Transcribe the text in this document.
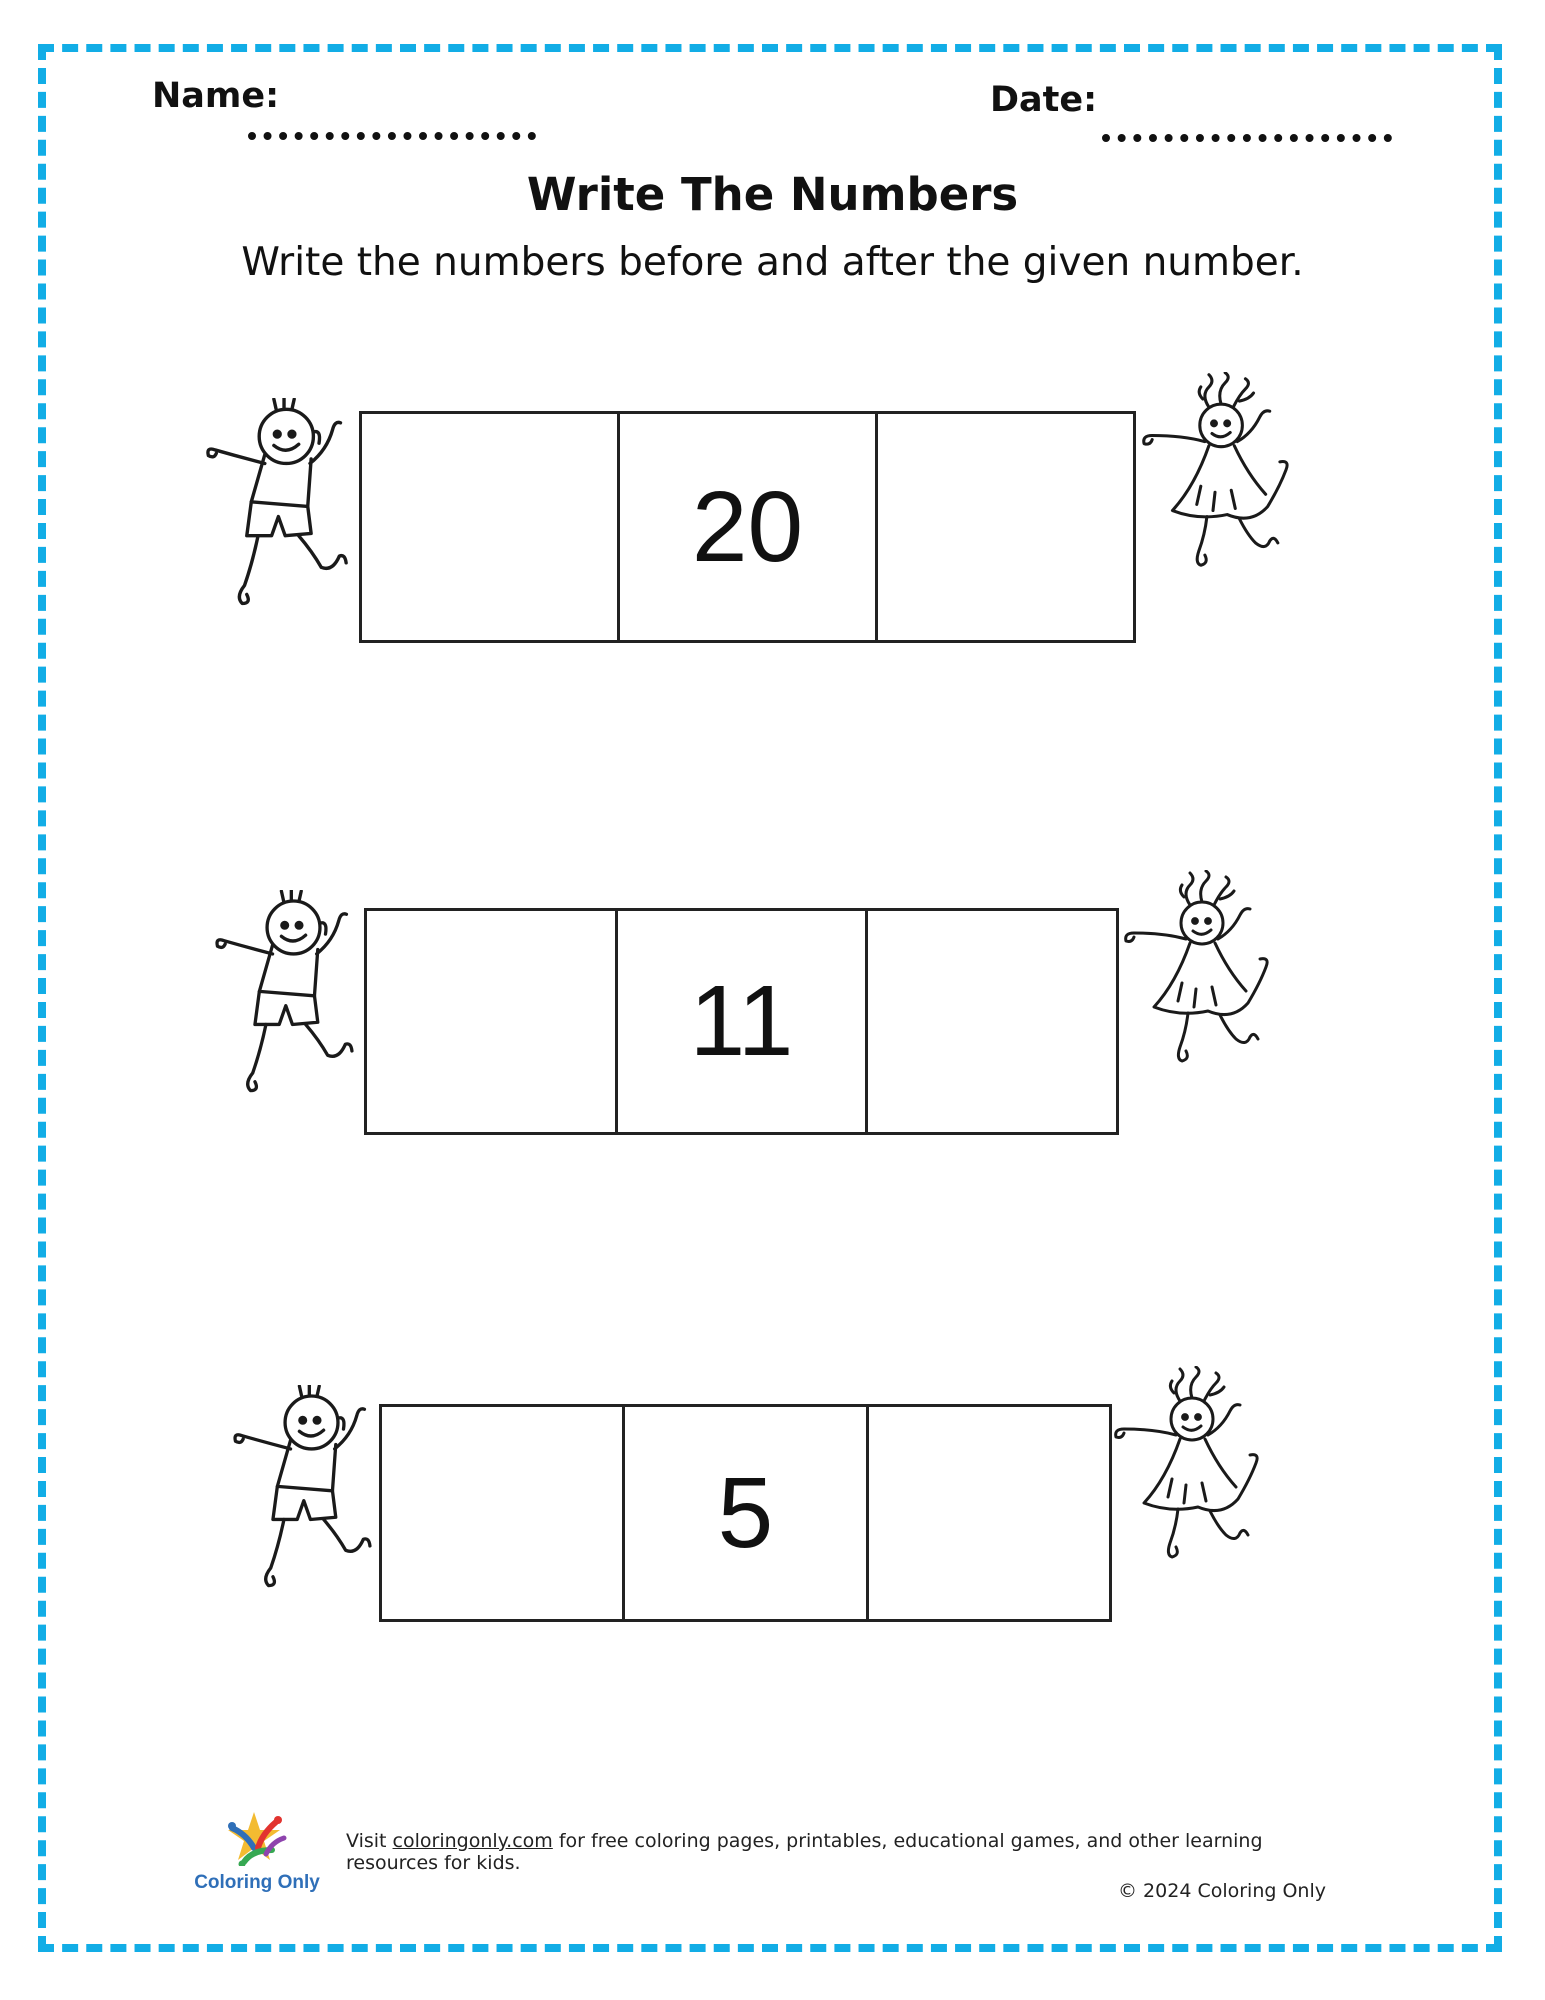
Name:	Date:
Write The Numbers
Write the numbers before and after the given number.
20
11
5
Coloring Only
Visit coloringonly.com for free coloring pages, printables, educational games, and other learning resources for kids.
© 2024 Coloring Only
